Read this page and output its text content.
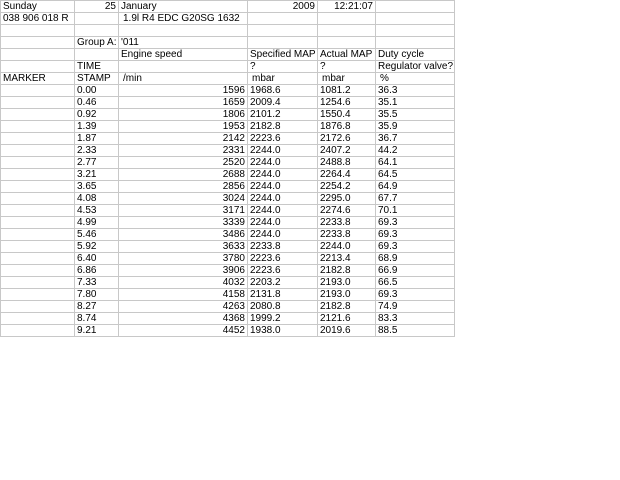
Sunday	25	January	2009	12:21:07	
038 906 018 R		1.9l R4 EDC G20SG 1632			

	Group A:	'011			
		Engine speed	Specified MAP	Actual MAP	Duty cycle
	TIME		?	?	Regulator valve?
MARKER	STAMP	/min	mbar	mbar	%
	0.00	1596	1968.6	1081.2	36.3
	0.46	1659	2009.4	1254.6	35.1
	0.92	1806	2101.2	1550.4	35.5
	1.39	1953	2182.8	1876.8	35.9
	1.87	2142	2223.6	2172.6	36.7
	2.33	2331	2244.0	2407.2	44.2
	2.77	2520	2244.0	2488.8	64.1
	3.21	2688	2244.0	2264.4	64.5
	3.65	2856	2244.0	2254.2	64.9
	4.08	3024	2244.0	2295.0	67.7
	4.53	3171	2244.0	2274.6	70.1
	4.99	3339	2244.0	2233.8	69.3
	5.46	3486	2244.0	2233.8	69.3
	5.92	3633	2233.8	2244.0	69.3
	6.40	3780	2223.6	2213.4	68.9
	6.86	3906	2223.6	2182.8	66.9
	7.33	4032	2203.2	2193.0	66.5
	7.80	4158	2131.8	2193.0	69.3
	8.27	4263	2080.8	2182.8	74.9
	8.74	4368	1999.2	2121.6	83.3
	9.21	4452	1938.0	2019.6	88.5
